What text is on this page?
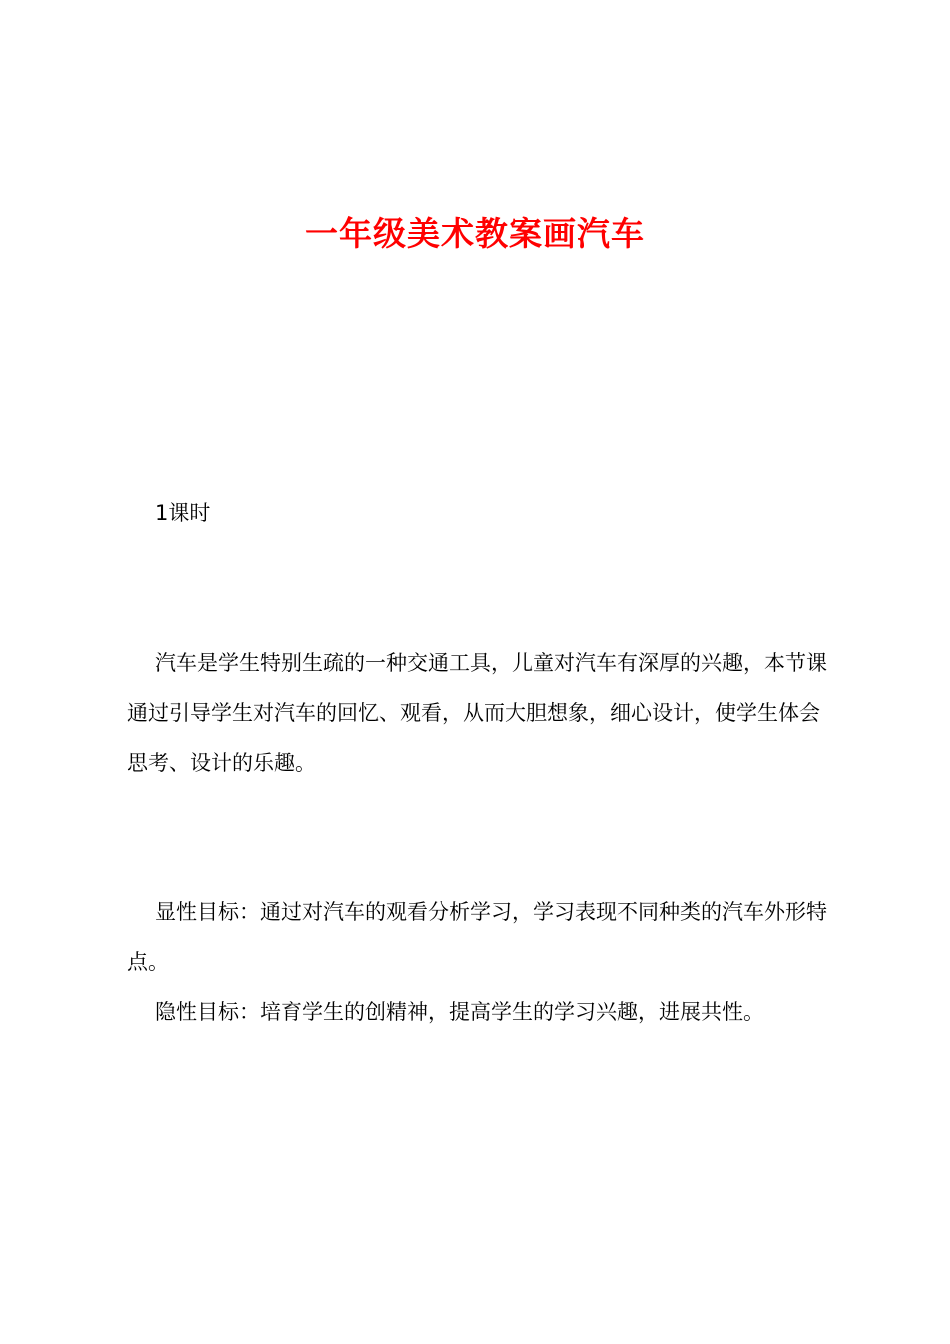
一年级美术教案画汽车

1课时

汽车是学生特别生疏的一种交通工具，儿童对汽车有深厚的兴趣，本节课通过引导学生对汽车的回忆、观看，从而大胆想象，细心设计，使学生体会思考、设计的乐趣。

显性目标：通过对汽车的观看分析学习，学习表现不同种类的汽车外形特点。

隐性目标：培育学生的创精神，提高学生的学习兴趣，进展共性。
